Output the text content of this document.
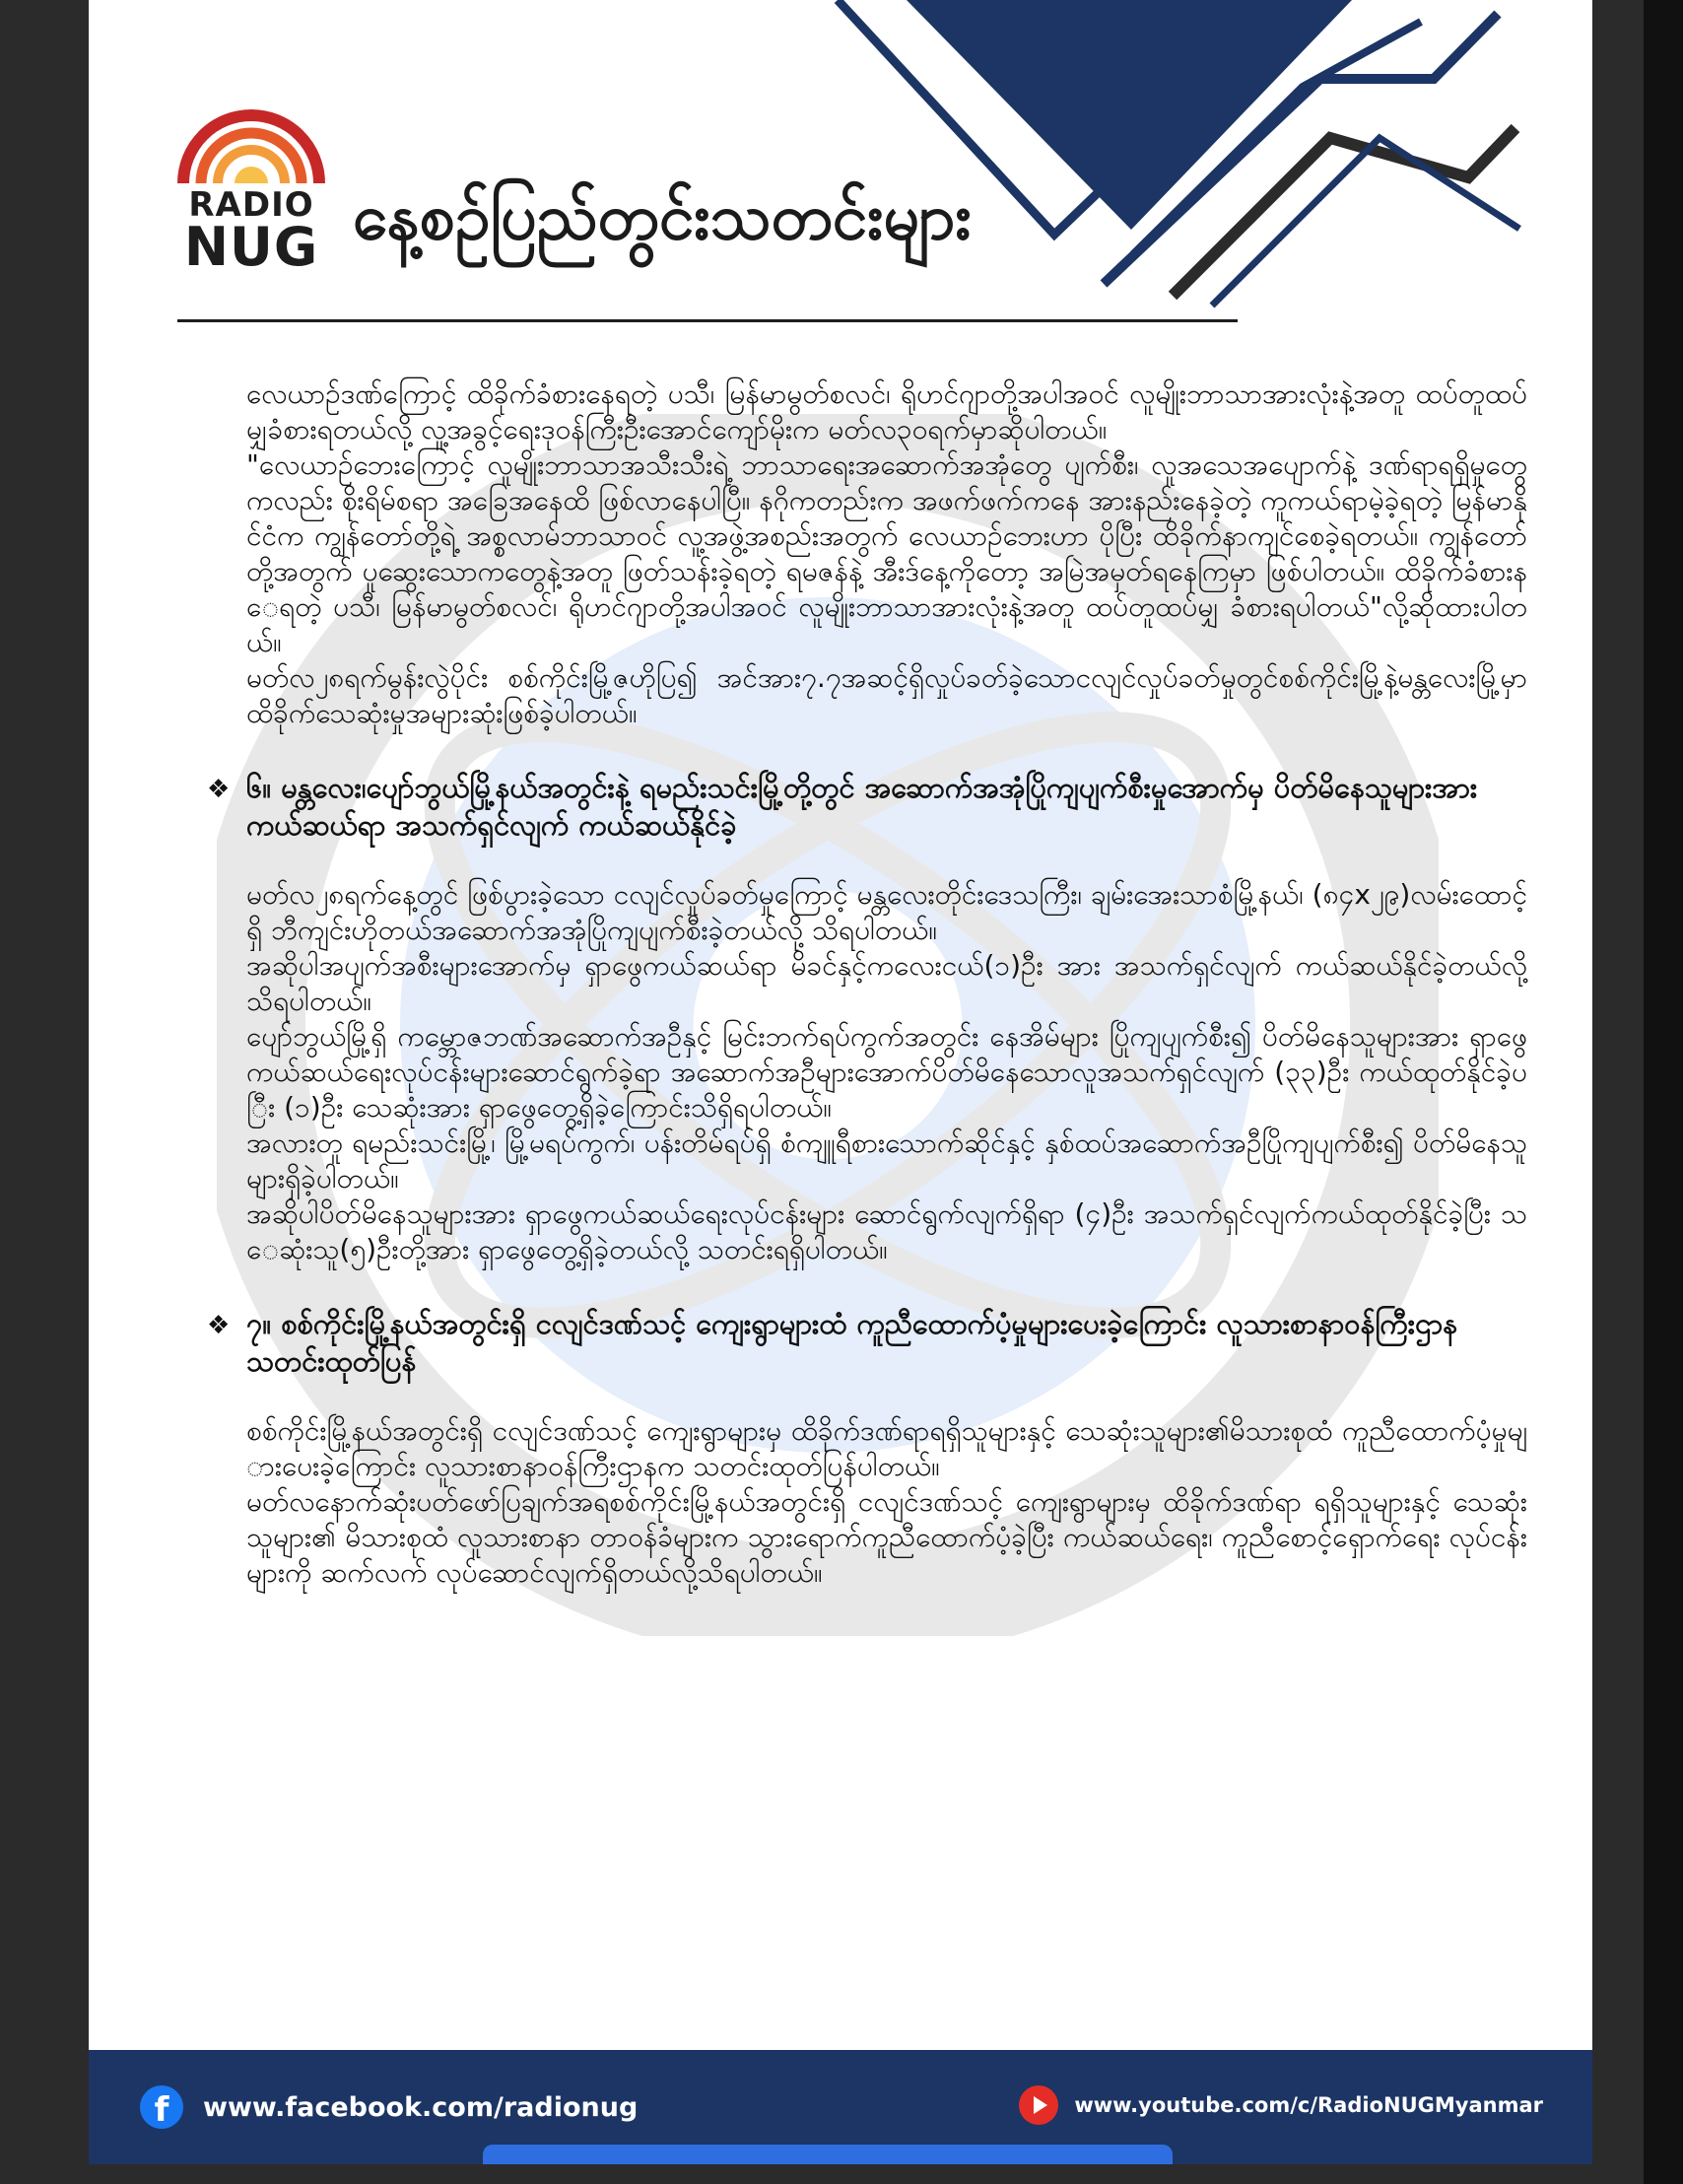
RADIO
NUG နေ့စဉ်ပြည်တွင်းသတင်းများ

လေယာဉ်ဒဏ်ကြောင့် ထိခိုက်ခံစားနေရတဲ့ ပသီ၊ မြန်မာမွတ်စလင်၊ ရိုဟင်ဂျာတို့အပါအဝင် လူမျိုးဘာသာအားလုံးနဲ့အတူ ထပ်တူထပ်မျှခံစားရတယ်လို့ လူ့အခွင့်ရေးဒုဝန်ကြီးဦးအောင်ကျော်မိုးက မတ်လ၃၀ရက်မှာဆိုပါတယ်။

"လေယာဉ်ဘေးကြောင့် လူမျိုးဘာသာအသီးသီးရဲ့ ဘာသာရေးအဆောက်အအုံတွေ ပျက်စီး၊ လူအသေအပျောက်နဲ့ ဒဏ်ရာရရှိမှုတွေကလည်း စိုးရိမ်စရာ အခြေအနေထိ ဖြစ်လာနေပါပြီ။ နဂိုကတည်းက အဖက်ဖက်ကနေ အားနည်းနေခဲ့တဲ့ ကူကယ်ရာမဲ့ခဲ့ရတဲ့ မြန်မာနိုင်ငံက ကျွန်တော်တို့ရဲ့ အစ္စလာမ်ဘာသာဝင် လူ့အဖွဲ့အစည်းအတွက် လေယာဉ်ဘေးဟာ ပိုပြီး ထိခိုက်နာကျင်စေခဲ့ရတယ်။ ကျွန်တော်တို့အတွက် ပူဆွေးသောကတွေနဲ့အတူ ဖြတ်သန်းခဲ့ရတဲ့ ရမဇန်နဲ့ အီးဒ်နေ့ကိုတော့ အမြဲအမှတ်ရနေကြမှာ ဖြစ်ပါတယ်။ ထိခိုက်ခံစားနေရတဲ့ ပသီ၊ မြန်မာမွတ်စလင်၊ ရိုဟင်ဂျာတို့အပါအဝင် လူမျိုးဘာသာအားလုံးနဲ့အတူ ထပ်တူထပ်မျှ ခံစားရပါတယ်"လို့ဆိုထားပါတယ်။

မတ်လ၂၈ရက်မွန်းလွဲပိုင်း စစ်ကိုင်းမြို့ဇဟိုပြ၍ အင်အား၇.၇အဆင့်ရှိလှုပ်ခတ်ခဲ့သောငလျင်လှုပ်ခတ်မှုတွင်စစ်ကိုင်းမြို့နဲ့မန္တလေးမြို့မှာထိခိုက်သေဆုံးမှုအများဆုံးဖြစ်ခဲ့ပါတယ်။

❖ ၆။ မန္တလေး၊ပျော်ဘွယ်မြို့နယ်အတွင်းနဲ့ ရမည်းသင်းမြို့တို့တွင် အဆောက်အအုံပြိုကျပျက်စီးမှုအောက်မှ ပိတ်မိနေသူများအားကယ်ဆယ်ရာ အသက်ရှင်လျက် ကယ်ဆယ်နိုင်ခဲ့

မတ်လ၂၈ရက်နေ့တွင် ဖြစ်ပွားခဲ့သော ငလျင်လှုပ်ခတ်မှုကြောင့် မန္တလေးတိုင်းဒေသကြီး၊ ချမ်းအေးသာစံမြို့နယ်၊ (၈၄x၂၉)လမ်းထောင့်ရှိ ဘီကျင်းဟိုတယ်အဆောက်အအုံပြိုကျပျက်စီးခဲ့တယ်လို့ သိရပါတယ်။

အဆိုပါအပျက်အစီးများအောက်မှ ရှာဖွေကယ်ဆယ်ရာ မိခင်နှင့်ကလေးငယ်(၁)ဦး အား အသက်ရှင်လျက် ကယ်ဆယ်နိုင်ခဲ့တယ်လို့သိရပါတယ်။

ပျော်ဘွယ်မြို့ရှိ ကမ္ဘောဇဘဏ်အဆောက်အဦနှင့် မြင်းဘက်ရပ်ကွက်အတွင်း နေအိမ်များ ပြိုကျပျက်စီး၍ ပိတ်မိနေသူများအား ရှာဖွေကယ်ဆယ်ရေးလုပ်ငန်းများဆောင်ရွက်ခဲ့ရာ အဆောက်အဦများအောက်ပိတ်မိနေသောလူအသက်ရှင်လျက် (၃၃)ဦး ကယ်ထုတ်နိုင်ခဲ့ပြီး (၁)ဦး သေဆုံးအား ရှာဖွေတွေ့ရှိခဲ့ကြောင်းသိရှိရပါတယ်။

အလားတူ ရမည်းသင်းမြို့၊ မြို့မရပ်ကွက်၊ ပန်းတိမ်ရပ်ရှိ စံကျူရီစားသောက်ဆိုင်နှင့် နှစ်ထပ်အဆောက်အဦပြိုကျပျက်စီး၍ ပိတ်မိနေသူများရှိခဲ့ပါတယ်။

အဆိုပါပိတ်မိနေသူများအား ရှာဖွေကယ်ဆယ်ရေးလုပ်ငန်းများ ဆောင်ရွက်လျက်ရှိရာ (၄)ဦး အသက်ရှင်လျက်ကယ်ထုတ်နိုင်ခဲ့ပြီး သေဆုံးသူ(၅)ဦးတို့အား ရှာဖွေတွေ့ရှိခဲ့တယ်လို့ သတင်းရရှိပါတယ်။

❖ ၇။ စစ်ကိုင်းမြို့နယ်အတွင်းရှိ ငလျင်ဒဏ်သင့် ကျေးရွာများထံ ကူညီထောက်ပံ့မှုများပေးခဲ့ကြောင်း လူသားစာနာဝန်ကြီးဌာနသတင်းထုတ်ပြန်

စစ်ကိုင်းမြို့နယ်အတွင်းရှိ ငလျင်ဒဏ်သင့် ကျေးရွာများမှ ထိခိုက်ဒဏ်ရာရရှိသူများနှင့် သေဆုံးသူများ၏မိသားစုထံ ကူညီထောက်ပံ့မှုများပေးခဲ့ကြောင်း လူသားစာနာဝန်ကြီးဌာနက သတင်းထုတ်ပြန်ပါတယ်။

မတ်လနောက်ဆုံးပတ်ဖော်ပြချက်အရစစ်ကိုင်းမြို့နယ်အတွင်းရှိ ငလျင်ဒဏ်သင့် ကျေးရွာများမှ ထိခိုက်ဒဏ်ရာ ရရှိသူများနှင့် သေဆုံးသူများ၏ မိသားစုထံ လူသားစာနာ တာဝန်ခံများက သွားရောက်ကူညီထောက်ပံ့ခဲ့ပြီး ကယ်ဆယ်ရေး၊ ကူညီစောင့်ရှောက်ရေး လုပ်ငန်းများကို ဆက်လက် လုပ်ဆောင်လျက်ရှိတယ်လို့သိရပါတယ်။

f	www.facebook.com/radionug	www.youtube.com/c/RadioNUGMyanmar
